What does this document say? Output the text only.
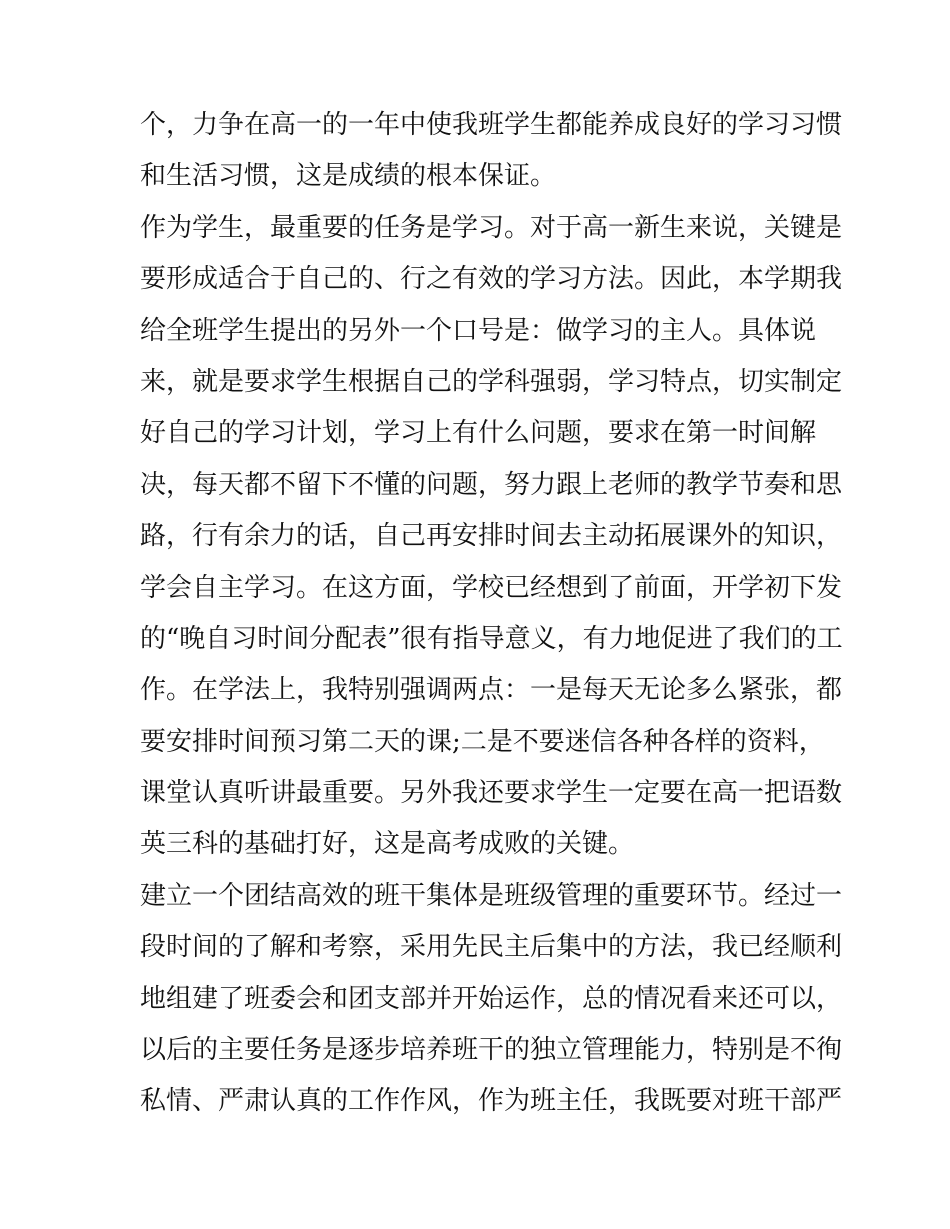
个，力争在高一的一年中使我班学生都能养成良好的学习习惯
和生活习惯，这是成绩的根本保证。
作为学生，最重要的任务是学习。对于高一新生来说，关键是
要形成适合于自己的、行之有效的学习方法。因此，本学期我
给全班学生提出的另外一个口号是：做学习的主人。具体说
来，就是要求学生根据自己的学科强弱，学习特点，切实制定
好自己的学习计划，学习上有什么问题，要求在第一时间解
决，每天都不留下不懂的问题，努力跟上老师的教学节奏和思
路，行有余力的话，自己再安排时间去主动拓展课外的知识，
学会自主学习。在这方面，学校已经想到了前面，开学初下发
的“晚自习时间分配表”很有指导意义，有力地促进了我们的工
作。在学法上，我特别强调两点：一是每天无论多么紧张，都
要安排时间预习第二天的课;二是不要迷信各种各样的资料，
课堂认真听讲最重要。另外我还要求学生一定要在高一把语数
英三科的基础打好，这是高考成败的关键。
建立一个团结高效的班干集体是班级管理的重要环节。经过一
段时间的了解和考察，采用先民主后集中的方法，我已经顺利
地组建了班委会和团支部并开始运作，总的情况看来还可以，
以后的主要任务是逐步培养班干的独立管理能力，特别是不徇
私情、严肃认真的工作作风，作为班主任，我既要对班干部严
